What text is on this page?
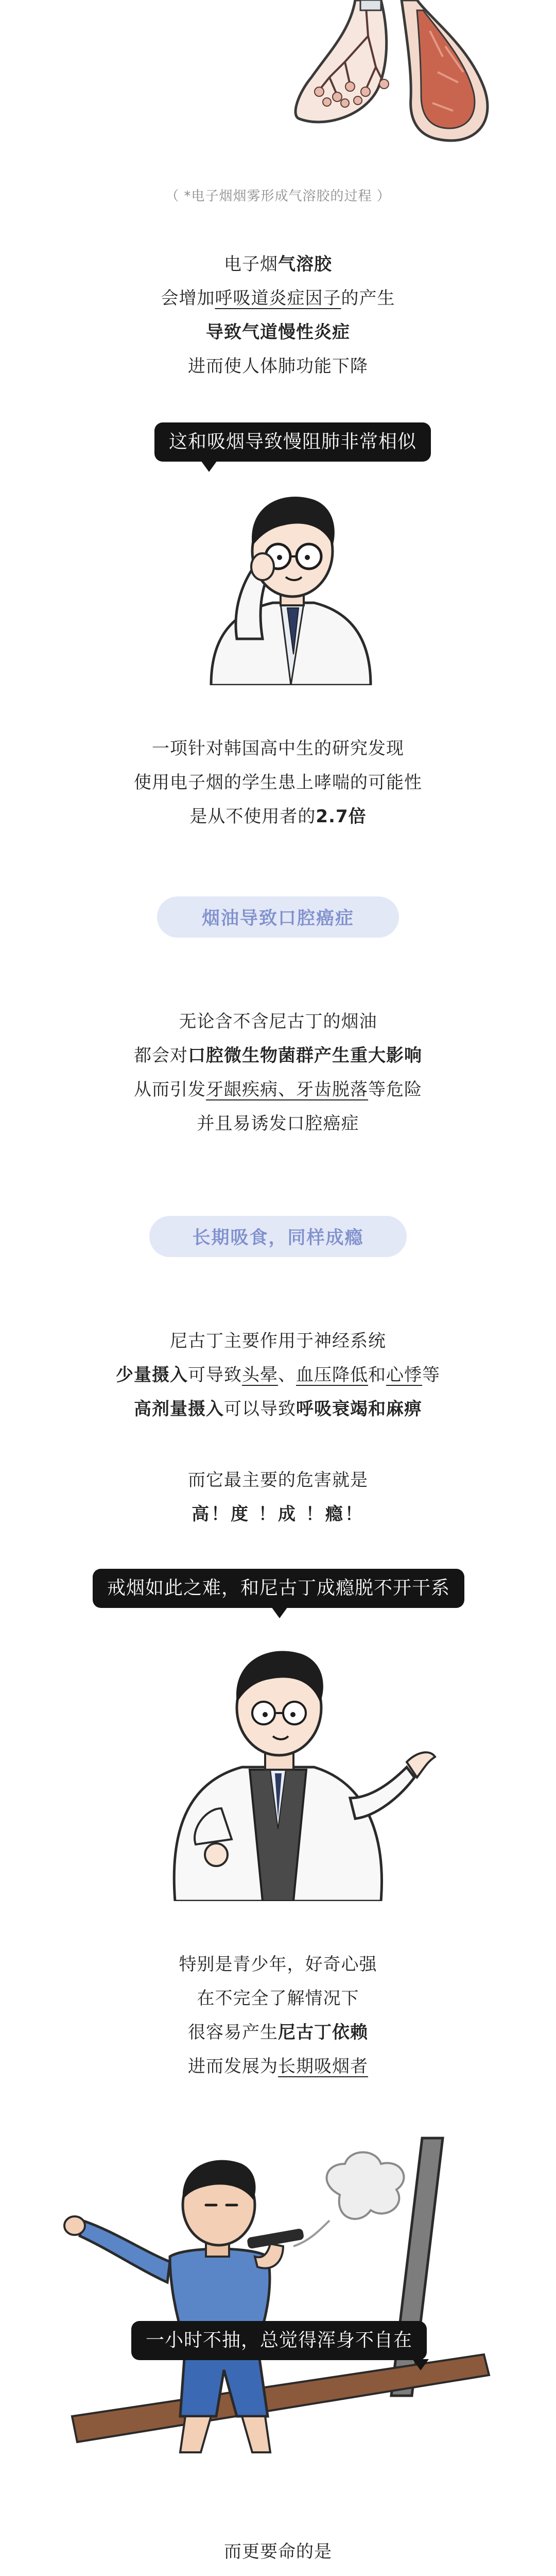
（ *电子烟烟雾形成气溶胶的过程 ）
电子烟气溶胶
会增加呼吸道炎症因子的产生
导致气道慢性炎症
进而使人体肺功能下降
这和吸烟导致慢阻肺非常相似
一项针对韩国高中生的研究发现
使用电子烟的学生患上哮喘的可能性
是从不使用者的2.7倍
烟油导致口腔癌症
无论含不含尼古丁的烟油
都会对口腔微生物菌群产生重大影响
从而引发牙龈疾病、牙齿脱落等危险
并且易诱发口腔癌症
长期吸食，同样成瘾
尼古丁主要作用于神经系统
少量摄入可导致头晕、血压降低和心悸等
高剂量摄入可以导致呼吸衰竭和麻痹
而它最主要的危害就是
高！度 ！成 ！瘾！
戒烟如此之难，和尼古丁成瘾脱不开干系
特别是青少年，好奇心强
在不完全了解情况下
很容易产生尼古丁依赖
进而发展为长期吸烟者
一小时不抽，总觉得浑身不自在
而更要命的是
